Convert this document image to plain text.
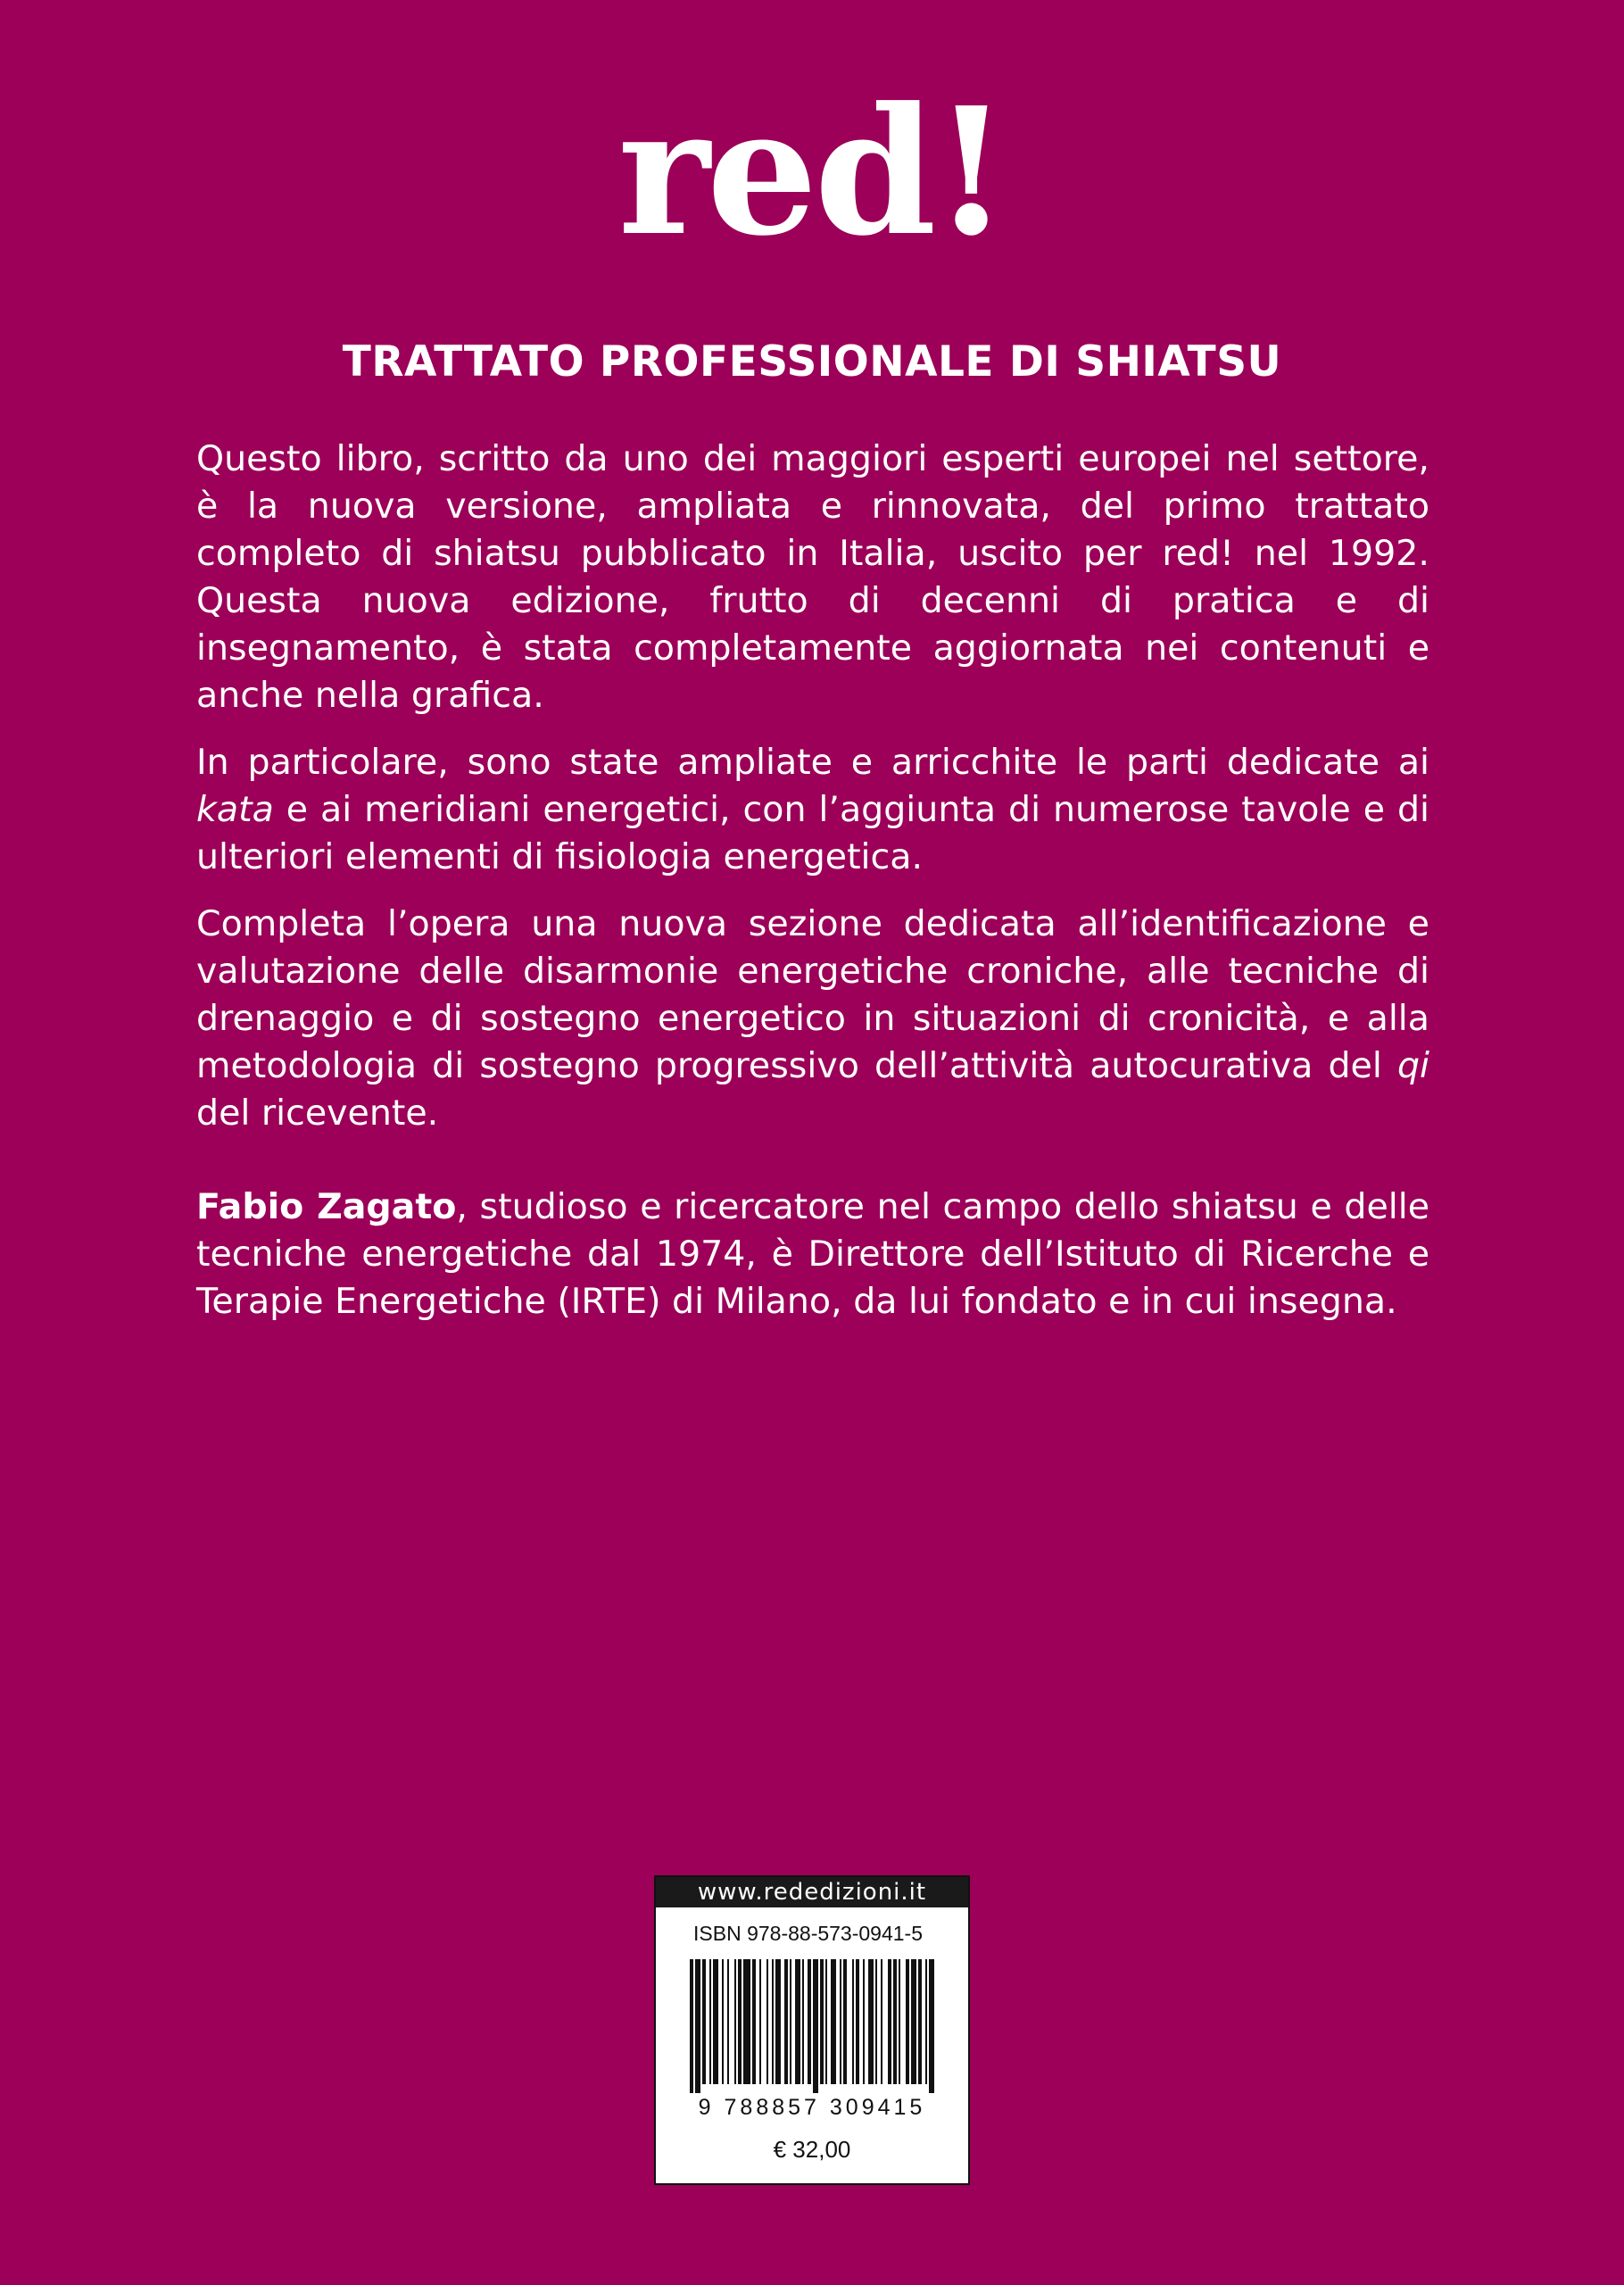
red!
TRATTATO PROFESSIONALE DI SHIATSU

Questo libro, scritto da uno dei maggiori esperti europei nel settore, è la nuova versione, ampliata e rinnovata, del primo trattato completo di shiatsu pubblicato in Italia, uscito per red! nel 1992. Questa nuova edizione, frutto di decenni di pratica e di insegnamento, è stata completamente aggiornata nei contenuti e anche nella grafica.

In particolare, sono state ampliate e arricchite le parti dedicate ai kata e ai meridiani energetici, con l’aggiunta di numerose tavole e di ulteriori elementi di fisiologia energetica.

Completa l’opera una nuova sezione dedicata all’identificazione e valutazione delle disarmonie energetiche croniche, alle tecniche di drenaggio e di sostegno energetico in situazioni di cronicità, e alla metodologia di sostegno progressivo dell’attività autocurativa del qi del ricevente.

Fabio Zagato, studioso e ricercatore nel campo dello shiatsu e delle tecniche energetiche dal 1974, è Direttore dell’Istituto di Ricerche e Terapie Energetiche (IRTE) di Milano, da lui fondato e in cui insegna.

www.rededizioni.it
ISBN 978-88-573-0941-5
9 788857 309415
€ 32,00
